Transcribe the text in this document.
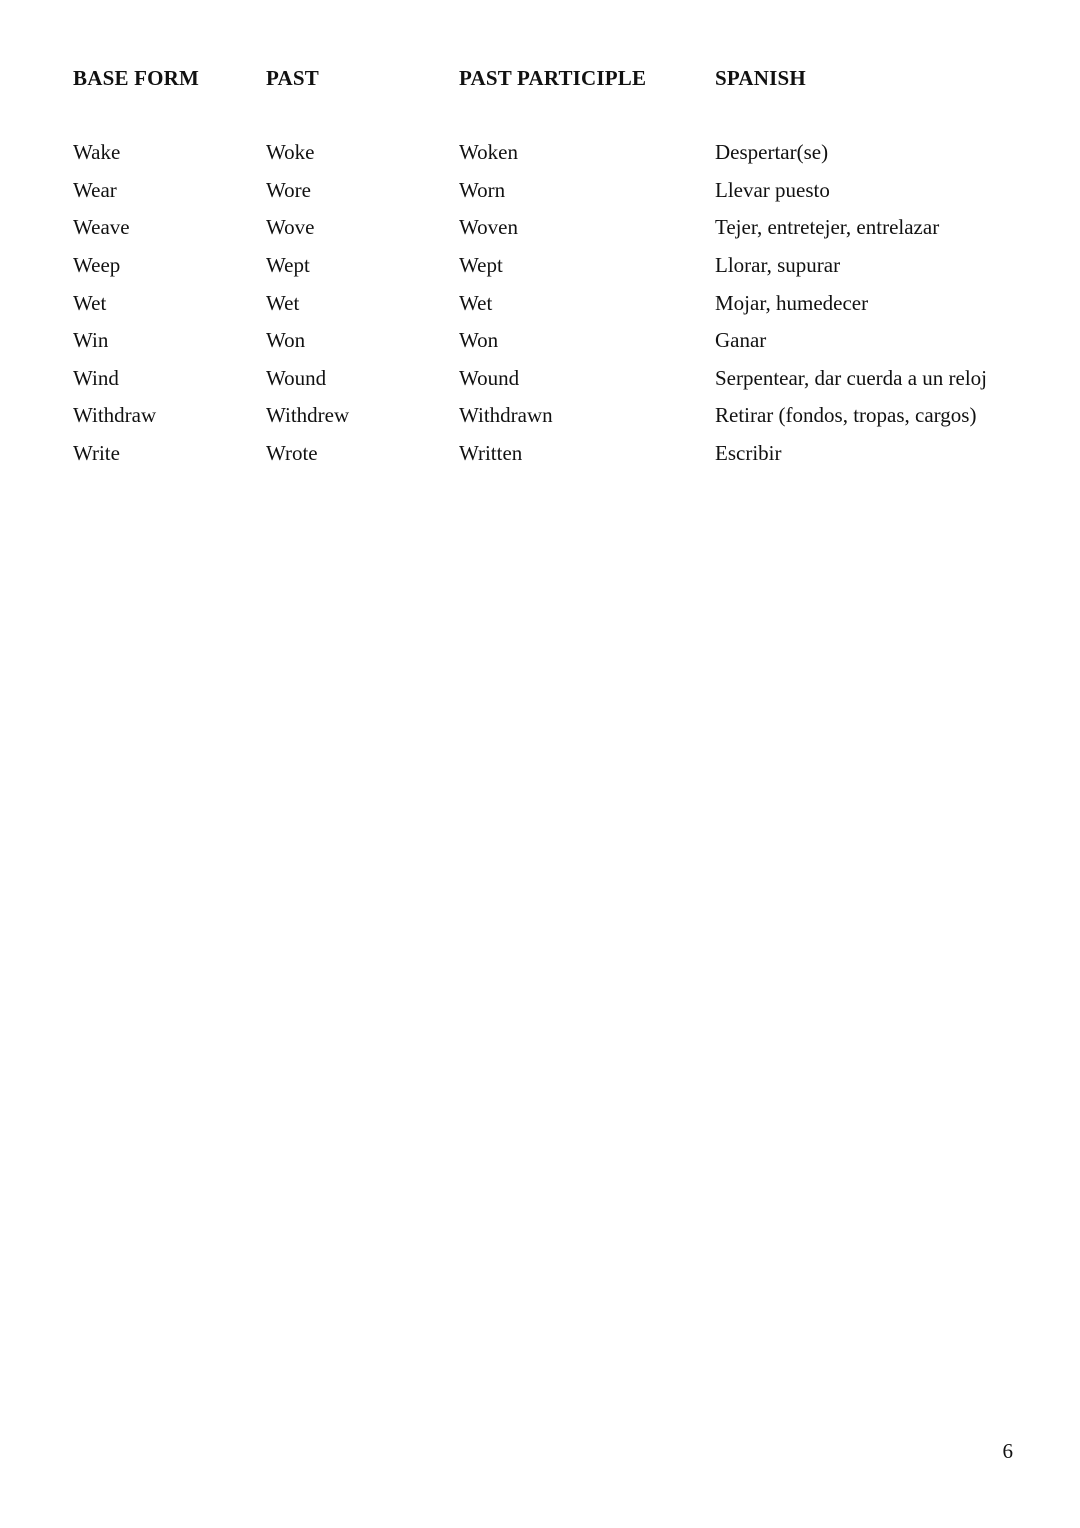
BASE FORM	PAST	PAST PARTICIPLE	SPANISH

Wake	Woke	Woken	Despertar(se)
Wear	Wore	Worn	Llevar puesto
Weave	Wove	Woven	Tejer, entretejer, entrelazar
Weep	Wept	Wept	Llorar, supurar
Wet	Wet	Wet	Mojar, humedecer
Win	Won	Won	Ganar
Wind	Wound	Wound	Serpentear, dar cuerda a un reloj
Withdraw	Withdrew	Withdrawn	Retirar (fondos, tropas, cargos)
Write	Wrote	Written	Escribir
6
